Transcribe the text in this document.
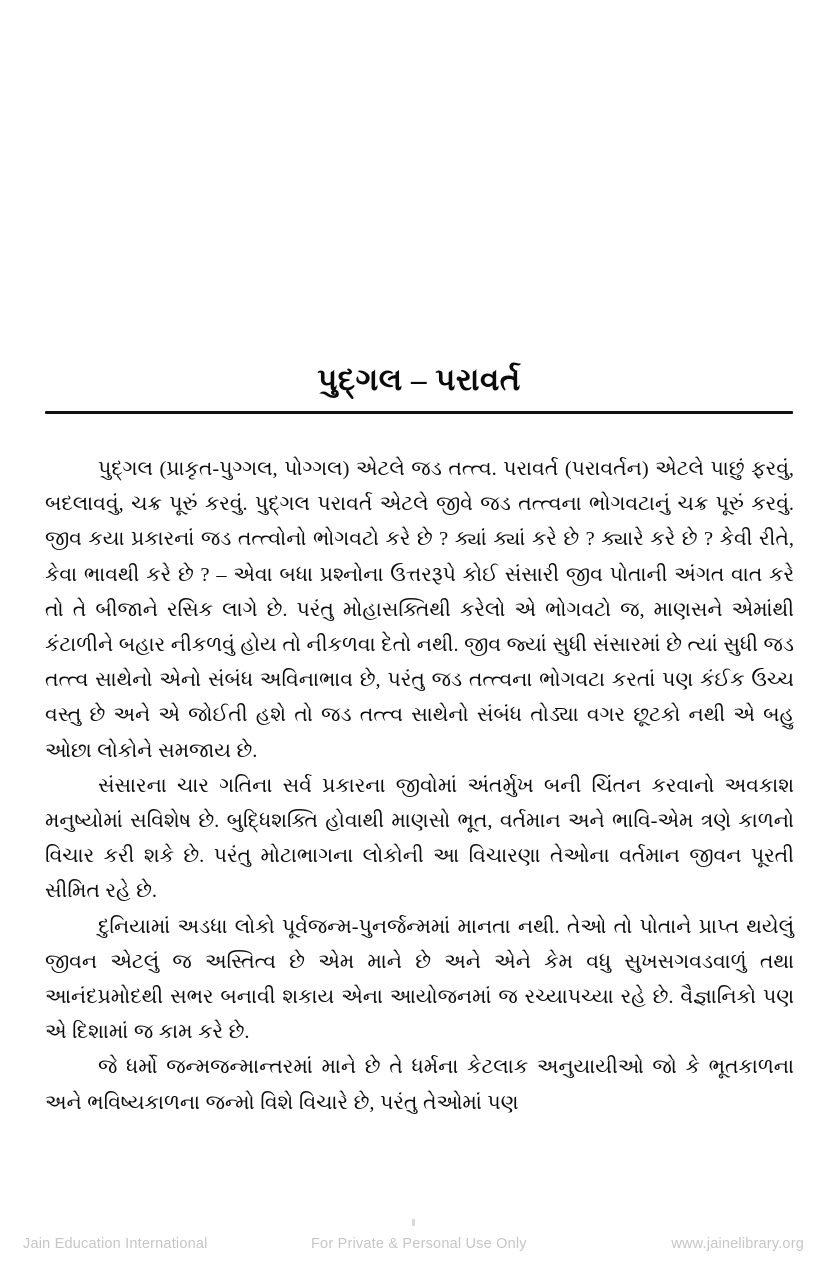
પુદ્ગલ – પરાવર્ત

પુદ્ગલ (પ્રાકૃત-પુગ્ગલ, પોગ્ગલ) એટલે જડ તત્ત્વ. પરાવર્ત (પરાવર્તન) એટલે પાછું ફરવું, બદલાવવું, ચક્ર પૂરું કરવું. પુદ્ગલ પરાવર્ત એટલે જીવે જડ તત્ત્વના ભોગવટાનું ચક્ર પૂરું કરવું. જીવ કયા પ્રકારનાં જડ તત્ત્વોનો ભોગવટો કરે છે ? ક્યાં ક્યાં કરે છે ? ક્યારે કરે છે ? કેવી રીતે, કેવા ભાવથી કરે છે ? – એવા બધા પ્રશ્નોના ઉત્તરરૂપે કોઈ સંસારી જીવ પોતાની અંગત વાત કરે તો તે બીજાને રસિક લાગે છે. પરંતુ મોહાસક્તિથી કરેલો એ ભોગવટો જ, માણસને એમાંથી કંટાળીને બહાર નીકળવું હોય તો નીકળવા દેતો નથી. જીવ જ્યાં સુધી સંસારમાં છે ત્યાં સુધી જડ તત્ત્વ સાથેનો એનો સંબંધ અવિનાભાવ છે, પરંતુ જડ તત્ત્વના ભોગવટા કરતાં પણ કંઈક ઉચ્ચ વસ્તુ છે અને એ જોઈતી હશે તો જડ તત્ત્વ સાથેનો સંબંધ તોડ્યા વગર છૂટકો નથી એ બહુ ઓછા લોકોને સમજાય છે.

સંસારના ચાર ગતિના સર્વ પ્રકારના જીવોમાં અંતર્મુખ બની ચિંતન કરવાનો અવકાશ મનુષ્યોમાં સવિશેષ છે. બુદ્ધિશક્તિ હોવાથી માણસો ભૂત, વર્તમાન અને ભાવિ-એમ ત્રણે કાળનો વિચાર કરી શકે છે. પરંતુ મોટાભાગના લોકોની આ વિચારણા તેઓના વર્તમાન જીવન પૂરતી સીમિત રહે છે.

દુનિયામાં અડધા લોકો પૂર્વજન્મ-પુનર્જન્મમાં માનતા નથી. તેઓ તો પોતાને પ્રાપ્ત થયેલું જીવન એટલું જ અસ્તિત્વ છે એમ માને છે અને એને કેમ વધુ સુખસગવડવાળું તથા આનંદપ્રમોદથી સભર બનાવી શકાય એના આયોજનમાં જ રચ્યાપચ્યા રહે છે. વૈજ્ઞાનિકો પણ એ દિશામાં જ કામ કરે છે.

જે ધર્મો જન્મજન્માન્તરમાં માને છે તે ધર્મના કેટલાક અનુયાયીઓ જો કે ભૂતકાળના અને ભવિષ્યકાળના જન્મો વિશે વિચારે છે, પરંતુ તેઓમાં પણ

Jain Education International	For Private & Personal Use Only	www.jainelibrary.org
